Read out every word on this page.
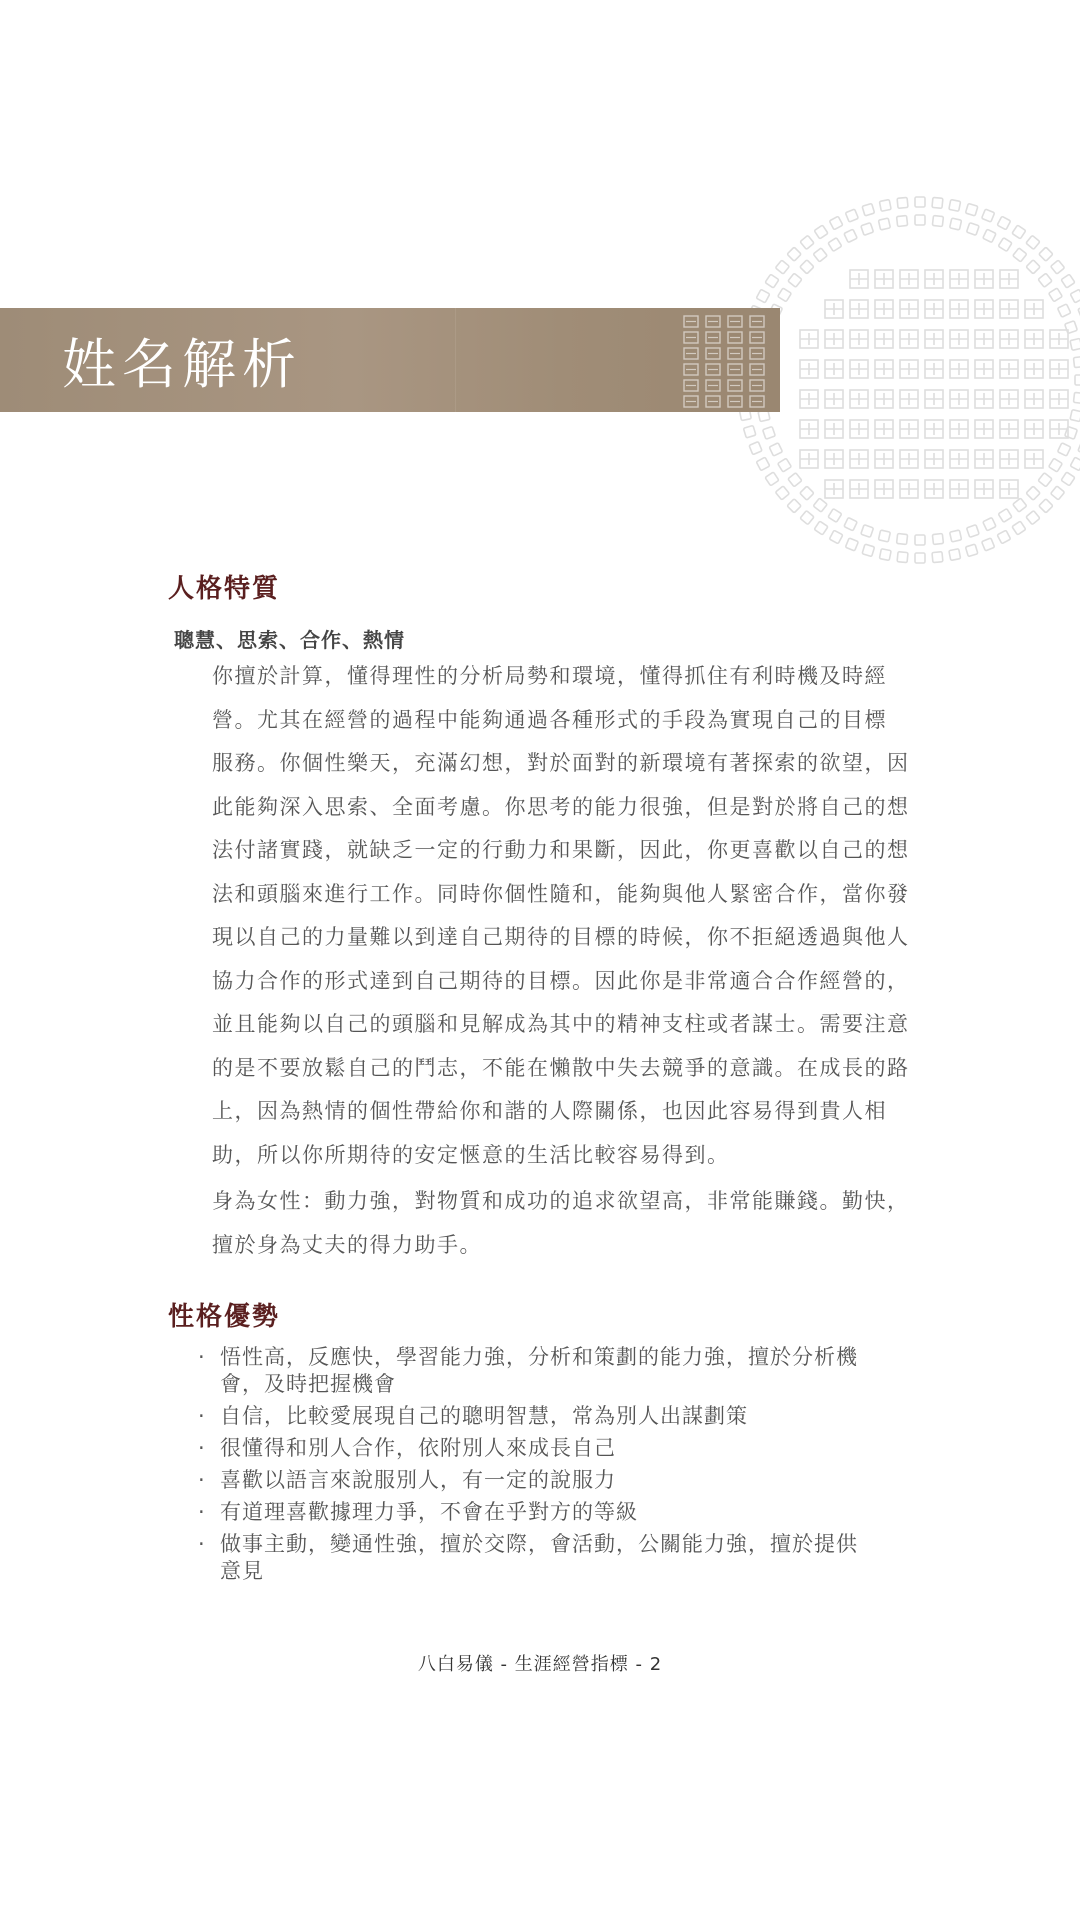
姓名解析
人格特質
聰慧、思索、合作、熱情

你擅於計算，懂得理性的分析局勢和環境，懂得抓住有利時機及時經
營。尤其在經營的過程中能夠通過各種形式的手段為實現自己的目標
服務。你個性樂天，充滿幻想，對於面對的新環境有著探索的欲望，因
此能夠深入思索、全面考慮。你思考的能力很強，但是對於將自己的想
法付諸實踐，就缺乏一定的行動力和果斷，因此，你更喜歡以自己的想
法和頭腦來進行工作。同時你個性隨和，能夠與他人緊密合作，當你發
現以自己的力量難以到達自己期待的目標的時候，你不拒絕透過與他人
協力合作的形式達到自己期待的目標。因此你是非常適合合作經營的，
並且能夠以自己的頭腦和見解成為其中的精神支柱或者謀士。需要注意
的是不要放鬆自己的鬥志，不能在懶散中失去競爭的意識。在成長的路
上，因為熱情的個性帶給你和諧的人際關係，也因此容易得到貴人相
助，所以你所期待的安定愜意的生活比較容易得到。

身為女性：動力強，對物質和成功的追求欲望高，非常能賺錢。勤快，
擅於身為丈夫的得力助手。

性格優勢
· 悟性高，反應快，學習能力強，分析和策劃的能力強，擅於分析機
會，及時把握機會
· 自信，比較愛展現自己的聰明智慧，常為別人出謀劃策
· 很懂得和別人合作，依附別人來成長自己
· 喜歡以語言來說服別人，有一定的說服力
· 有道理喜歡據理力爭，不會在乎對方的等級
· 做事主動，變通性強，擅於交際，會活動，公關能力強，擅於提供
意見
八白易儀 - 生涯經營指標 - 2
